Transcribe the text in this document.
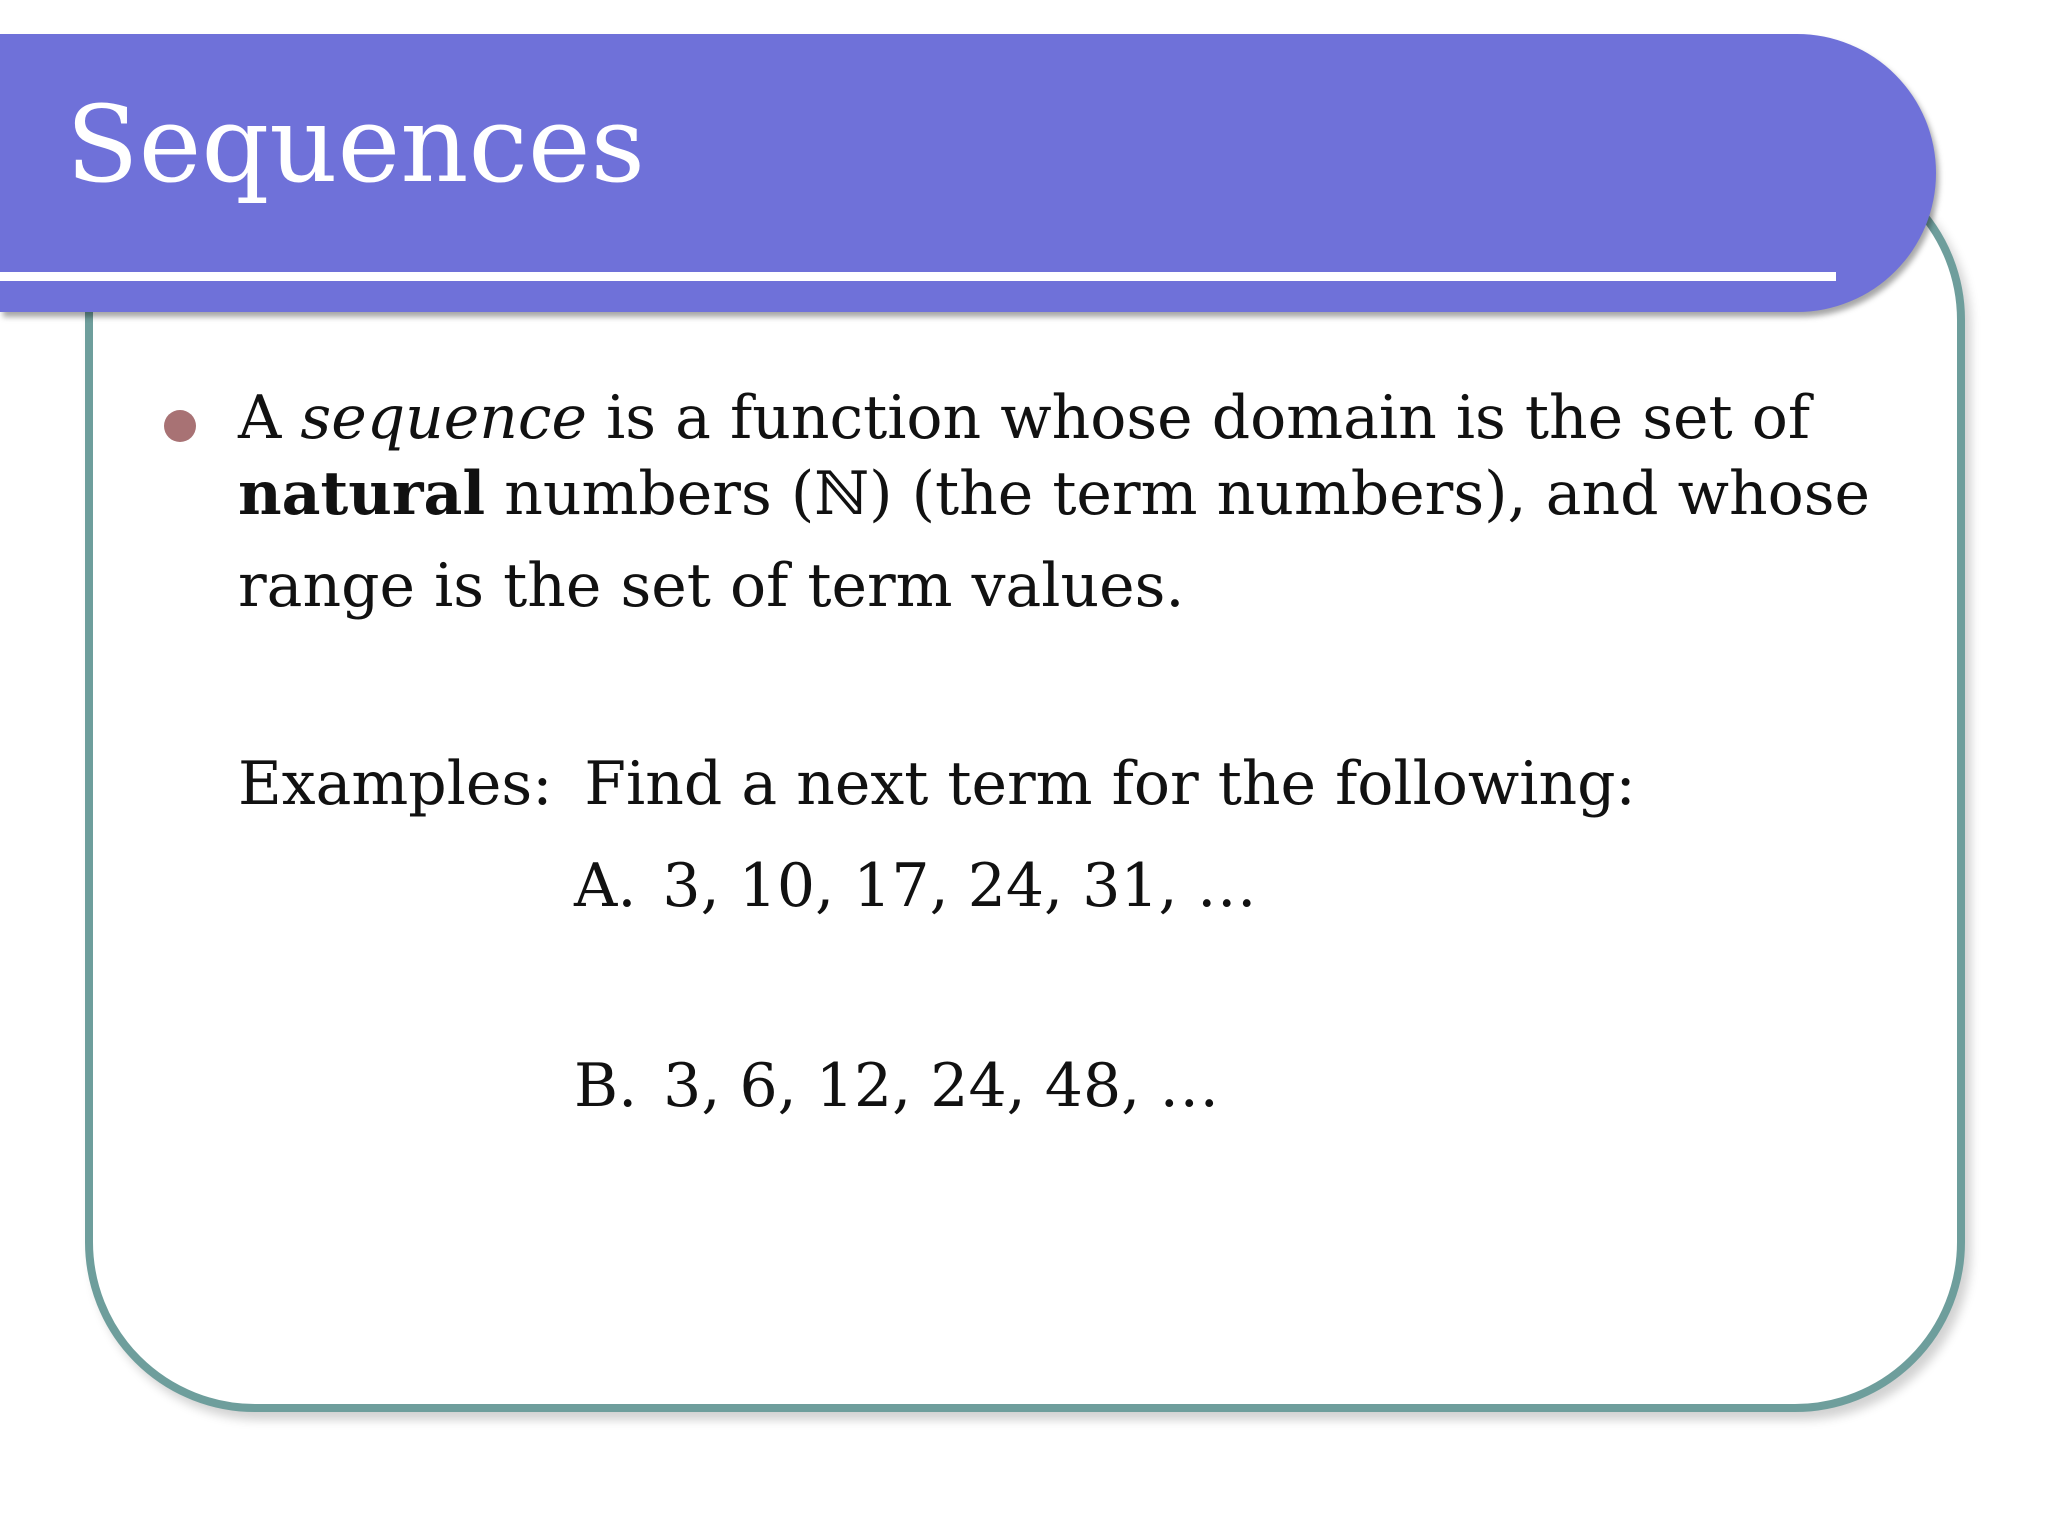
Sequences

A sequence is a function whose domain is the set of

natural numbers (ℕ) (the term numbers), and whose

range is the set of term values.

Examples: Find a next term for the following:

A. 3, 10, 17, 24, 31, …

B. 3, 6, 12, 24, 48, …
